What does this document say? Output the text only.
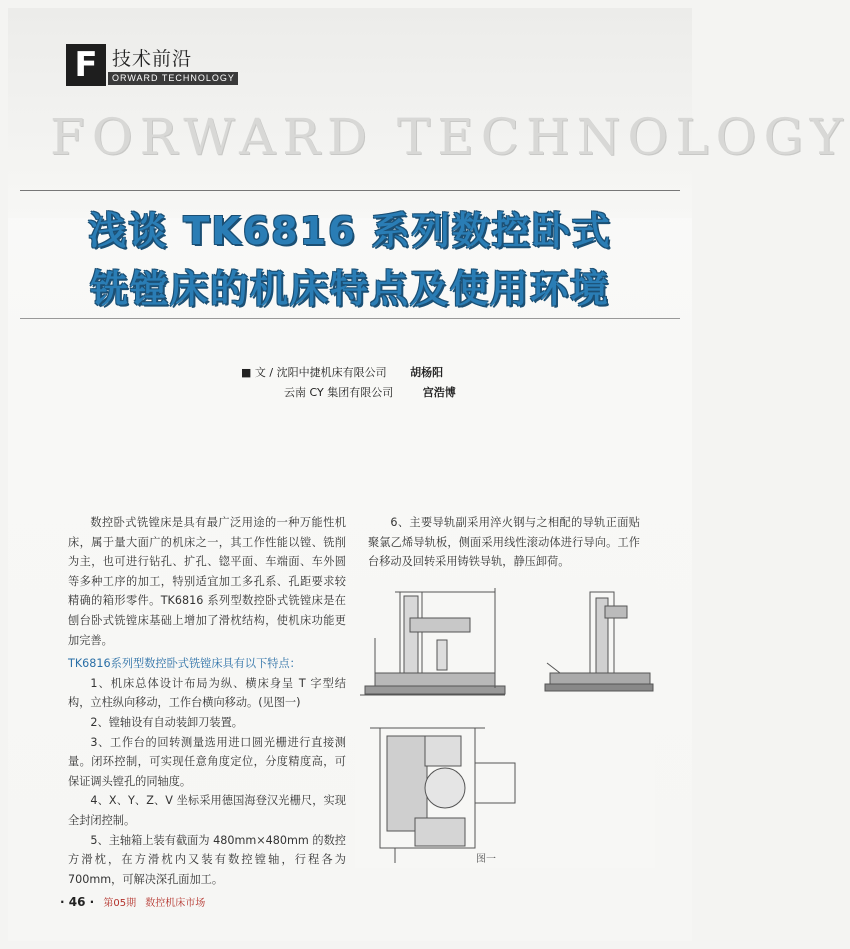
FORWARD TECHNOLOGY
F 技术前沿
ORWARD TECHNOLOGY
浅谈 TK6816 系列数控卧式
铣镗床的机床特点及使用环境
■ 文 / 沈阳中捷机床有限公司 胡杨阳
云南 CY 集团有限公司	宫浩博

数控卧式铣镗床是具有最广泛用途的一种万能性机床，属于量大面广的机床之一，其工作性能以镗、铣削为主，也可进行钻孔、扩孔、锪平面、车端面、车外圆等多种工序的加工，特别适宜加工多孔系、孔距要求较精确的箱形零件。TK6816 系列型数控卧式铣镗床是在刨台卧式铣镗床基础上增加了滑枕结构，使机床功能更加完善。

TK6816系列型数控卧式铣镗床具有以下特点：

1、机床总体设计布局为纵、横床身呈 T 字型结构，立柱纵向移动，工作台横向移动。(见图一)

2、镗轴设有自动装卸刀装置。

3、工作台的回转测量选用进口圆光栅进行直接测量。闭环控制，可实现任意角度定位，分度精度高，可保证调头镗孔的同轴度。

4、X、Y、Z、V 坐标采用德国海登汉光栅尺，实现全封闭控制。

5、主轴箱上装有截面为 480mm×480mm 的数控方滑枕，在方滑枕内又装有数控镗轴，行程各为 700mm，可解决深孔面加工。

6、主要导轨副采用淬火钢与之相配的导轨正面贴聚氯乙烯导轨板，侧面采用线性滚动体进行导向。工作台移动及回转采用铸铁导轨，静压卸荷。

图一
· 46 · 第05期 数控机床市场
